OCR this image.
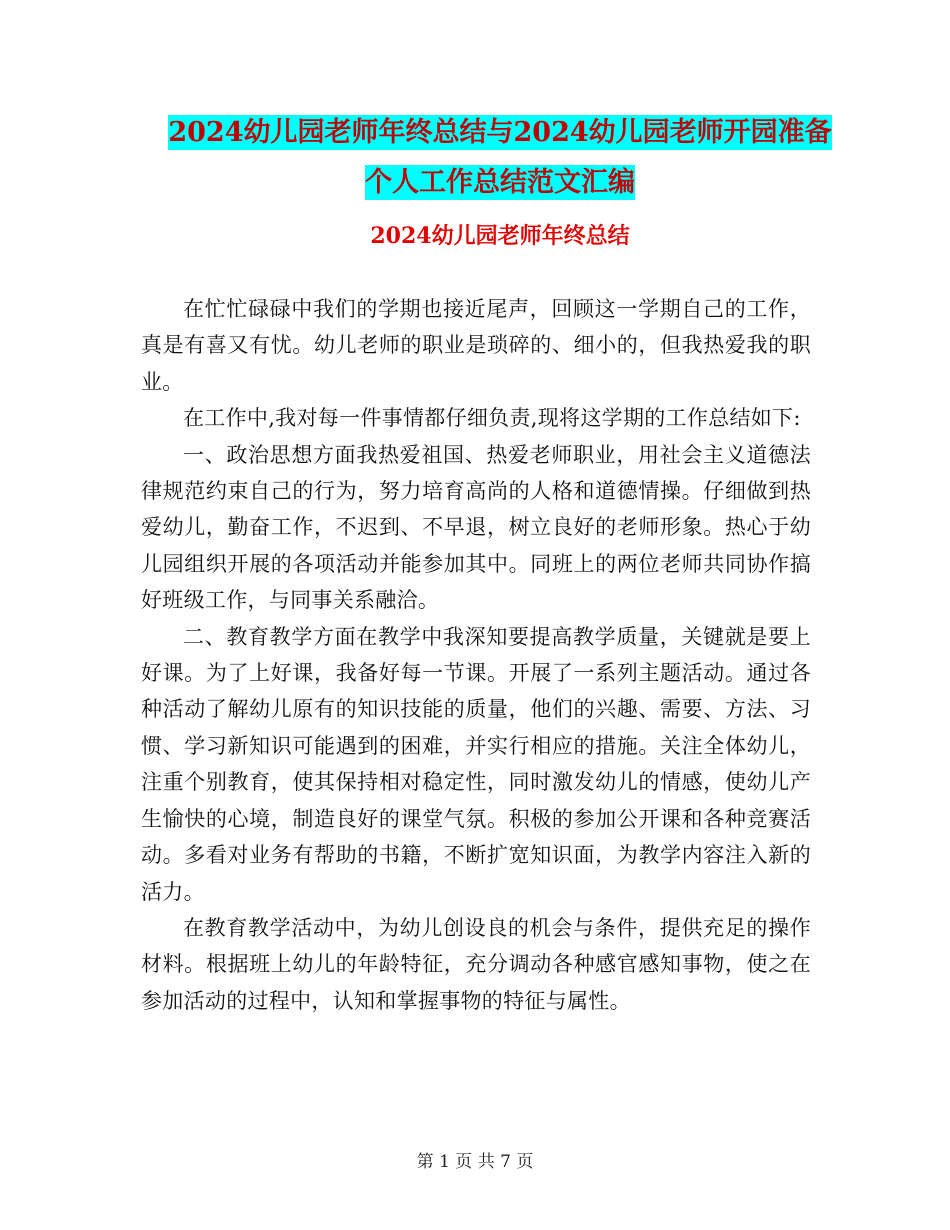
2024幼儿园老师年终总结与2024幼儿园老师开园准备
个人工作总结范文汇编
2024幼儿园老师年终总结

在忙忙碌碌中我们的学期也接近尾声，回顾这一学期自己的工作，真是有喜又有忧。幼儿老师的职业是琐碎的、细小的，但我热爱我的职业。

在工作中,我对每一件事情都仔细负责,现将这学期的工作总结如下:

一、政治思想方面我热爱祖国、热爱老师职业，用社会主义道德法律规范约束自己的行为，努力培育高尚的人格和道德情操。仔细做到热爱幼儿，勤奋工作，不迟到、不早退，树立良好的老师形象。热心于幼儿园组织开展的各项活动并能参加其中。同班上的两位老师共同协作搞好班级工作，与同事关系融洽。

二、教育教学方面在教学中我深知要提高教学质量，关键就是要上好课。为了上好课，我备好每一节课。开展了一系列主题活动。通过各种活动了解幼儿原有的知识技能的质量，他们的兴趣、需要、方法、习惯、学习新知识可能遇到的困难，并实行相应的措施。关注全体幼儿，注重个别教育，使其保持相对稳定性，同时激发幼儿的情感，使幼儿产生愉快的心境，制造良好的课堂气氛。积极的参加公开课和各种竞赛活动。多看对业务有帮助的书籍，不断扩宽知识面，为教学内容注入新的活力。

在教育教学活动中，为幼儿创设良的机会与条件，提供充足的操作材料。根据班上幼儿的年龄特征，充分调动各种感官感知事物，使之在参加活动的过程中，认知和掌握事物的特征与属性。

第 1 页 共 7 页
